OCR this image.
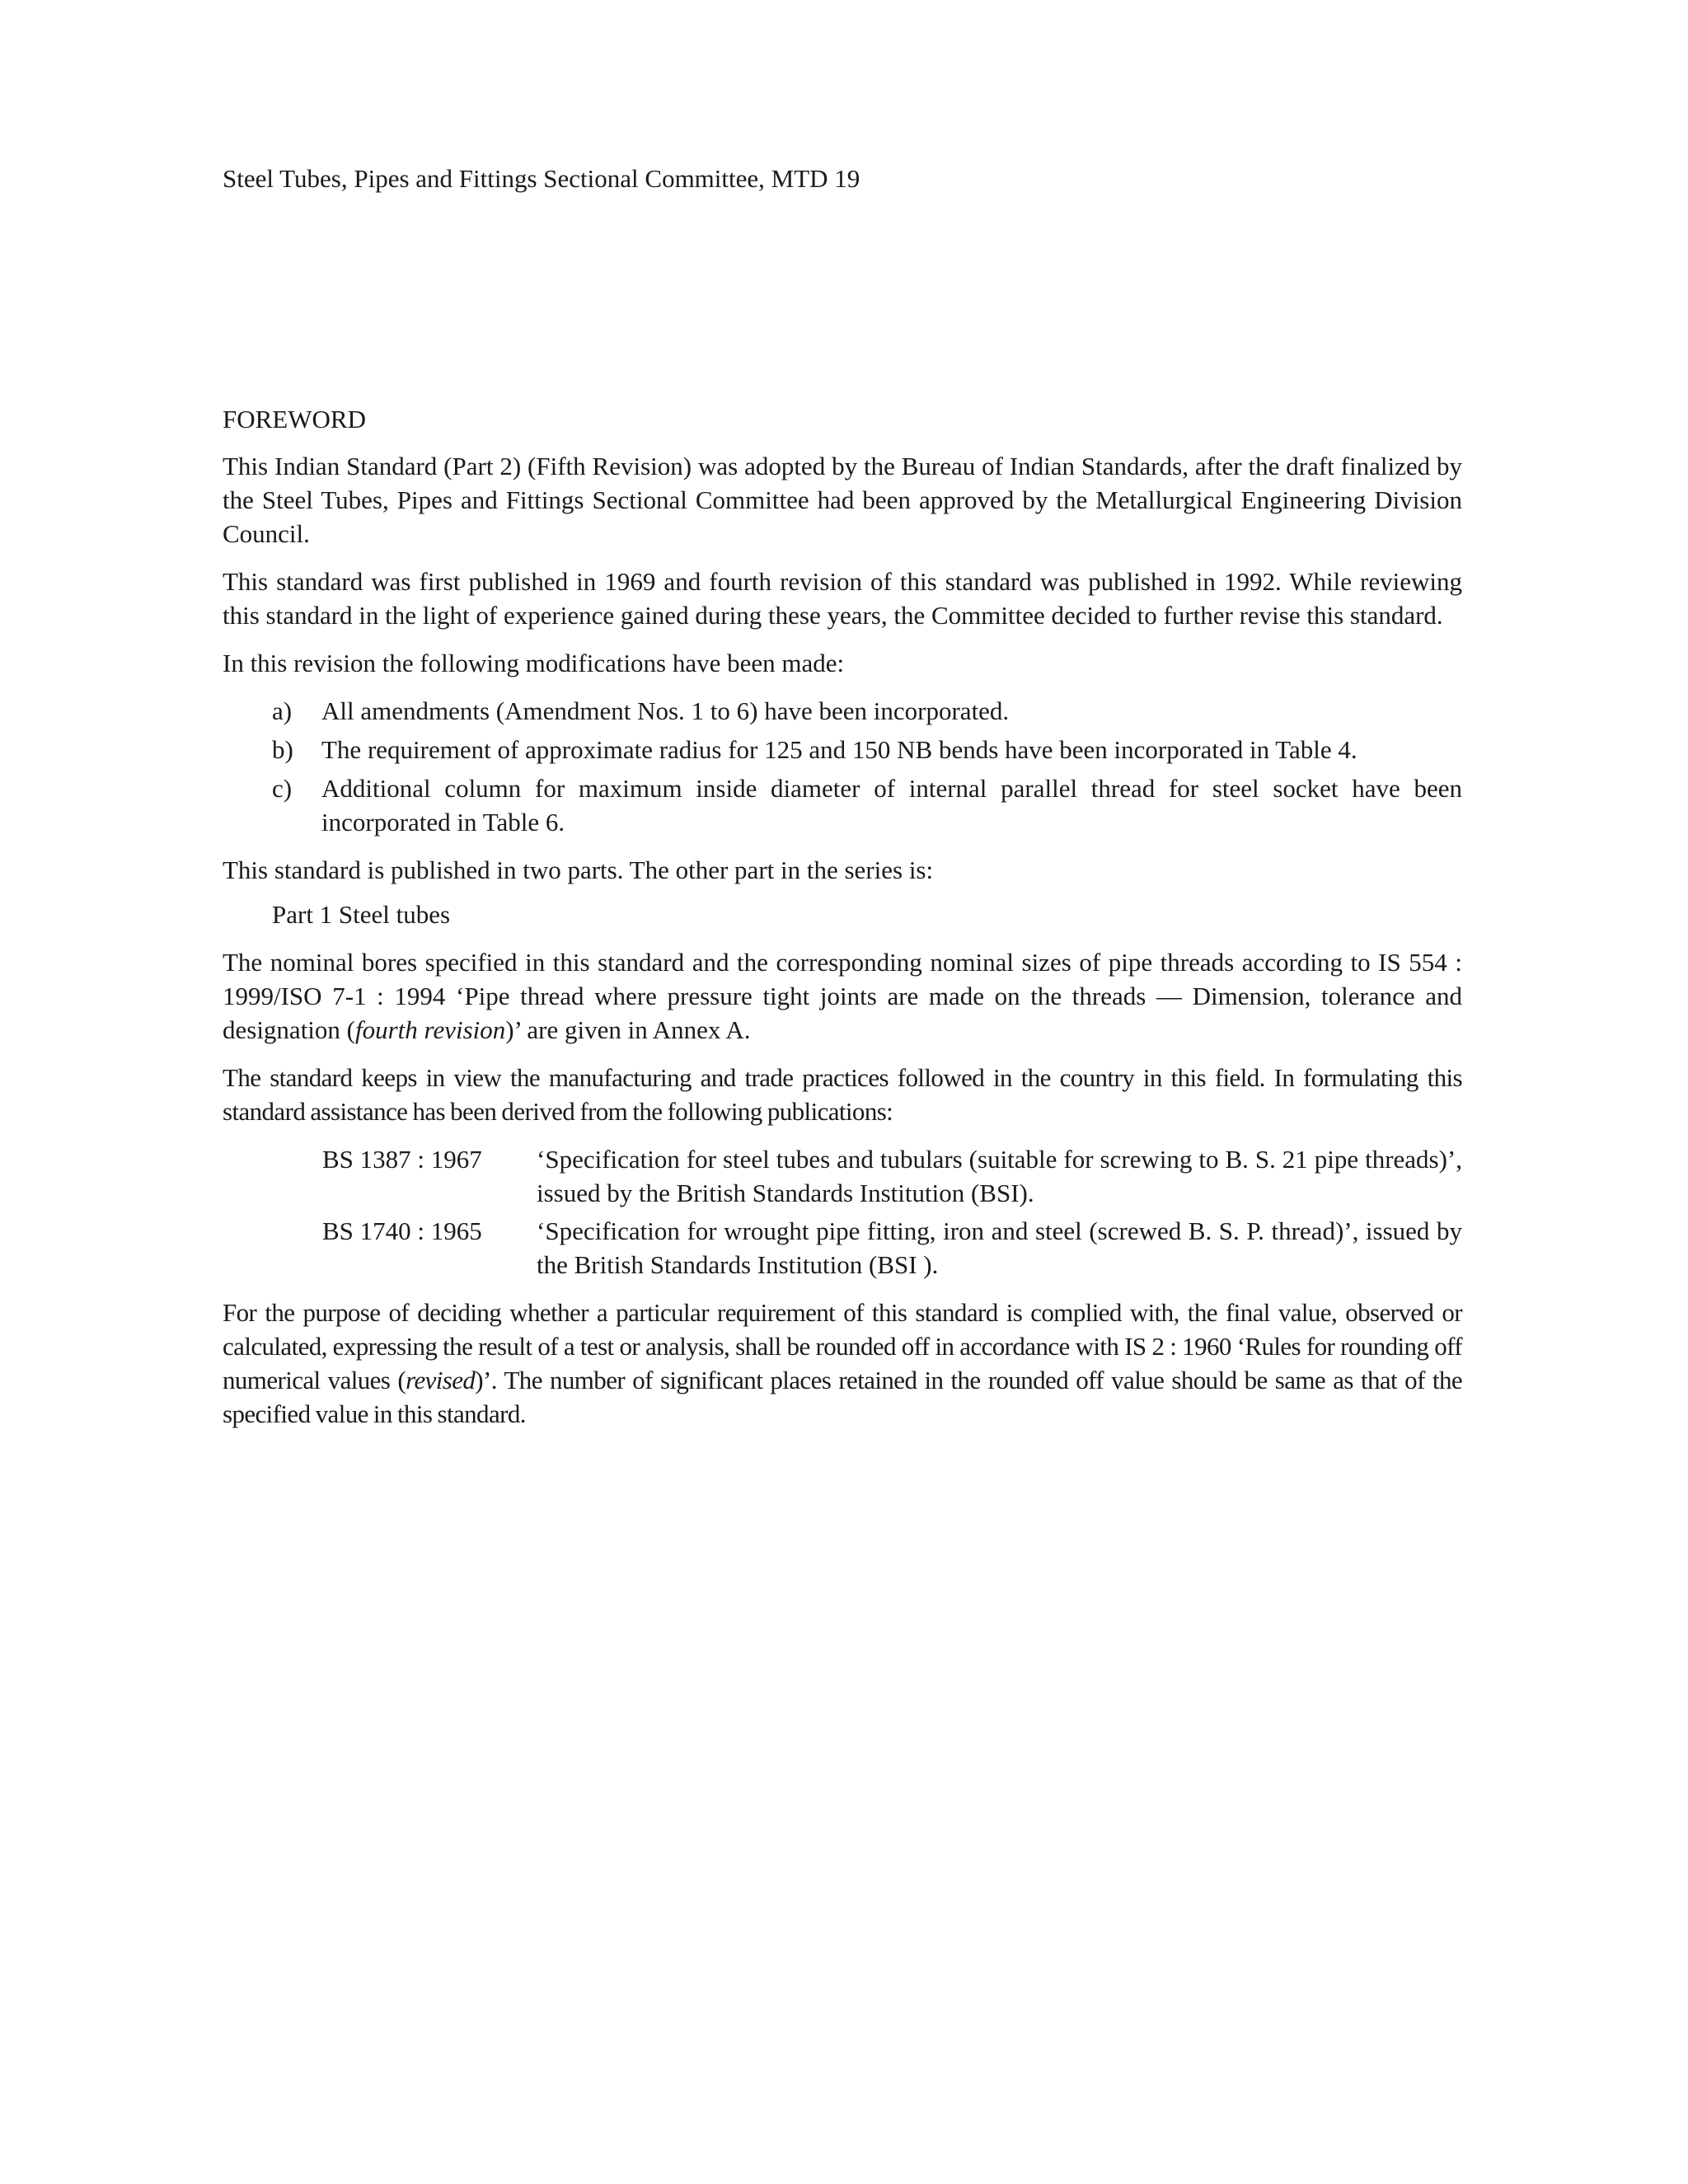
Steel Tubes, Pipes and Fittings Sectional Committee, MTD 19

FOREWORD

This Indian Standard (Part 2) (Fifth Revision) was adopted by the Bureau of Indian Standards, after the draft finalized by the Steel Tubes, Pipes and Fittings Sectional Committee had been approved by the Metallurgical Engineering Division Council.

This standard was first published in 1969 and fourth revision of this standard was published in 1992. While reviewing this standard in the light of experience gained during these years, the Committee decided to further revise this standard.

In this revision the following modifications have been made:

a)	All amendments (Amendment Nos. 1 to 6) have been incorporated.
b)	The requirement of approximate radius for 125 and 150 NB bends have been incorporated in Table 4.
c)	Additional column for maximum inside diameter of internal parallel thread for steel socket have been incorporated in Table 6.

This standard is published in two parts. The other part in the series is:

Part 1 Steel tubes

The nominal bores specified in this standard and the corresponding nominal sizes of pipe threads according to IS 554 : 1999/ISO 7-1 : 1994 ‘Pipe thread where pressure tight joints are made on the threads — Dimension, tolerance and designation (fourth revision)’ are given in Annex A.

The standard keeps in view the manufacturing and trade practices followed in the country in this field. In formulating this standard assistance has been derived from the following publications:

BS 1387 : 1967	‘Specification for steel tubes and tubulars (suitable for screwing to B. S. 21 pipe threads)’, issued by the British Standards Institution (BSI).
BS 1740 : 1965	‘Specification for wrought pipe fitting, iron and steel (screwed B. S. P. thread)’, issued by the British Standards Institution (BSI ).

For the purpose of deciding whether a particular requirement of this standard is complied with, the final value, observed or calculated, expressing the result of a test or analysis, shall be rounded off in accordance with IS 2 : 1960 ‘Rules for rounding off numerical values (revised)’. The number of significant places retained in the rounded off value should be same as that of the specified value in this standard.
